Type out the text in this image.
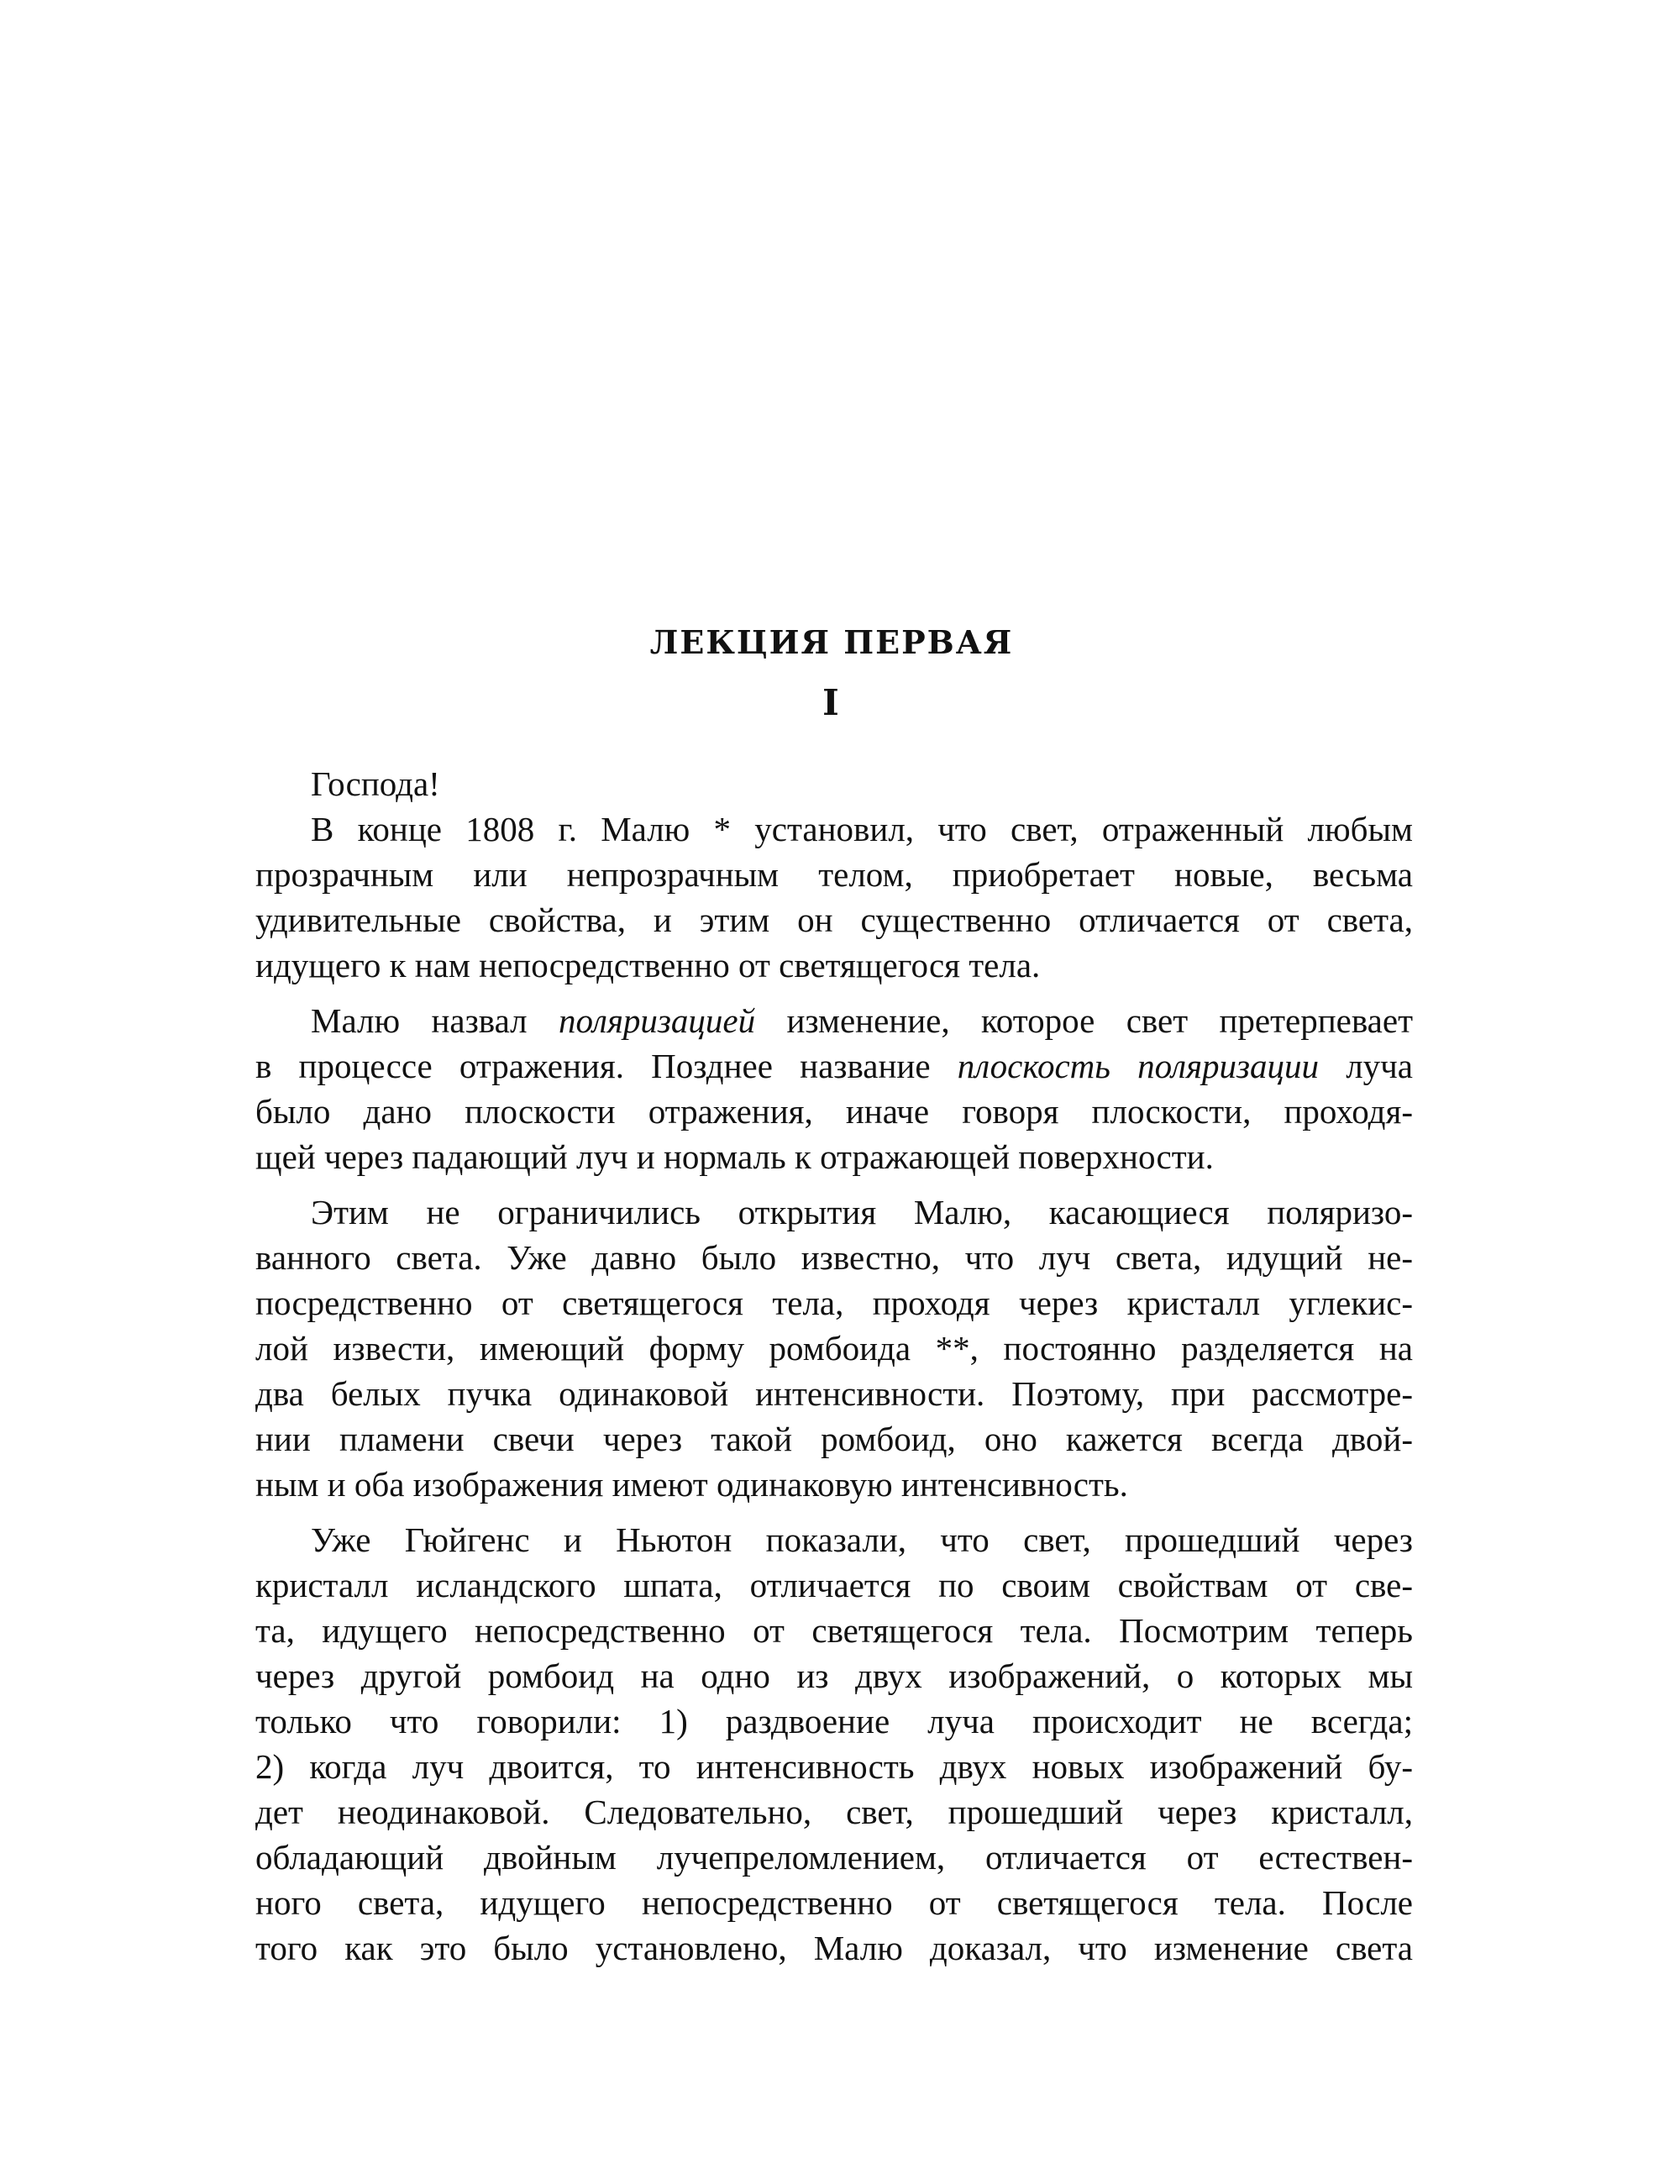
ЛЕКЦИЯ ПЕРВАЯ
I

Господа!

В конце 1808 г. Малю * установил, что свет, отраженный любым
прозрачным или непрозрачным телом, приобретает новые, весьма
удивительные свойства, и этим он существенно отличается от света,
идущего к нам непосредственно от светящегося тела.

Малю назвал поляризацией изменение, которое свет претерпевает
в процессе отражения. Позднее название плоскость поляризации луча
было дано плоскости отражения, иначе говоря плоскости, проходя-
щей через падающий луч и нормаль к отражающей поверхности.

Этим не ограничились открытия Малю, касающиеся поляризо-
ванного света. Уже давно было известно, что луч света, идущий не-
посредственно от светящегося тела, проходя через кристалл углекис-
лой извести, имеющий форму ромбоида **, постоянно разделяется на
два белых пучка одинаковой интенсивности. Поэтому, при рассмотре-
нии пламени свечи через такой ромбоид, оно кажется всегда двой-
ным и оба изображения имеют одинаковую интенсивность.

Уже Гюйгенс и Ньютон показали, что свет, прошедший через
кристалл исландского шпата, отличается по своим свойствам от све-
та, идущего непосредственно от светящегося тела. Посмотрим теперь
через другой ромбоид на одно из двух изображений, о которых мы
только что говорили: 1) раздвоение луча происходит не всегда;
2) когда луч двоится, то интенсивность двух новых изображений бу-
дет неодинаковой. Следовательно, свет, прошедший через кристалл,
обладающий двойным лучепреломлением, отличается от естествен-
ного света, идущего непосредственно от светящегося тела. После
того как это было установлено, Малю доказал, что изменение света
